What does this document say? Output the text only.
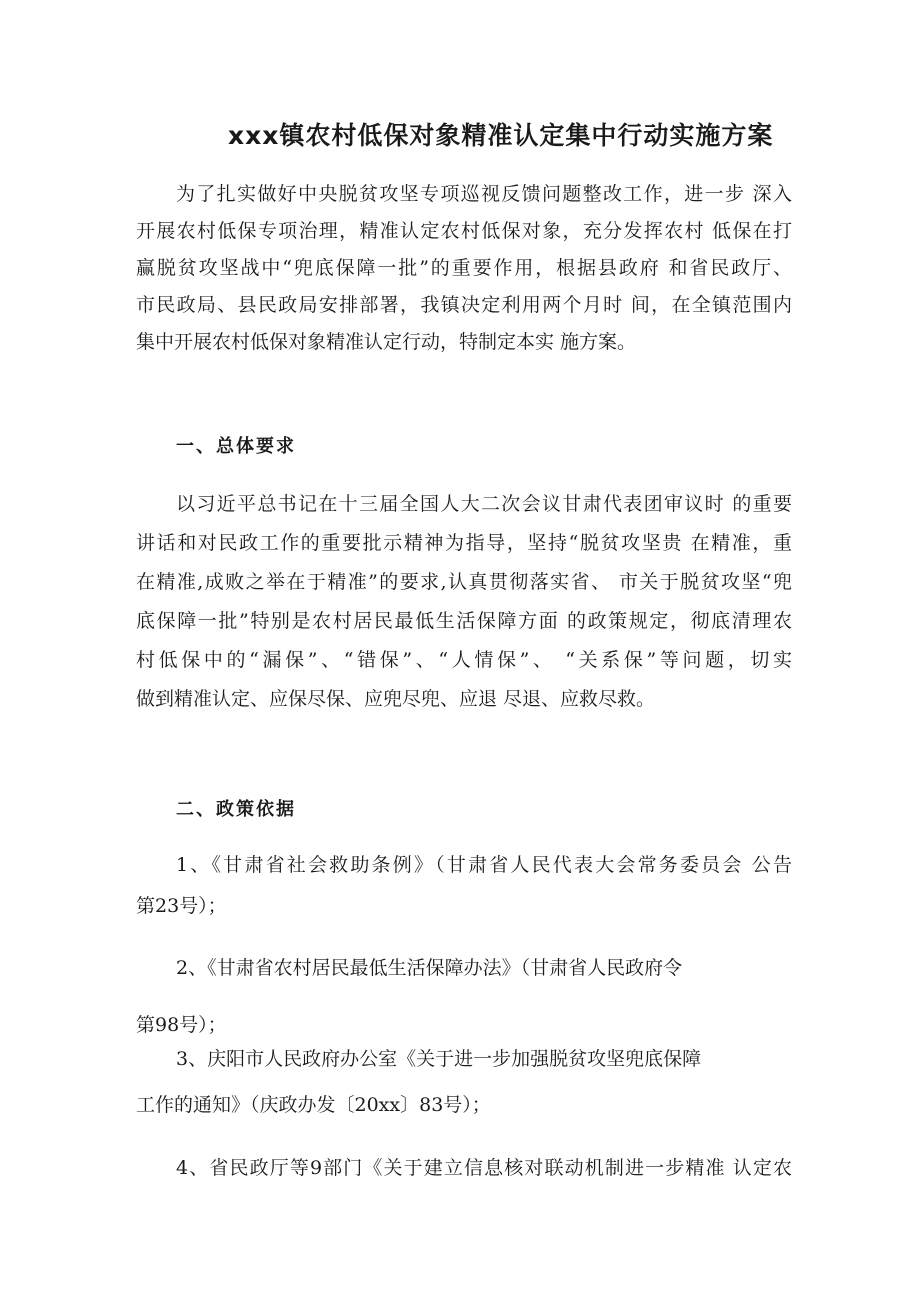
xxx镇农村低保对象精准认定集中行动实施方案
为了扎实做好中央脱贫攻坚专项巡视反馈问题整改工作，进一步 深入
开展农村低保专项治理，精准认定农村低保对象，充分发挥农村 低保在打
赢脱贫攻坚战中“兜底保障一批”的重要作用，根据县政府 和省民政厅、
市民政局、县民政局安排部署，我镇决定利用两个月时 间，在全镇范围内
集中开展农村低保对象精准认定行动，特制定本实 施方案。
一、总体要求
以习近平总书记在十三届全国人大二次会议甘肃代表团审议时 的重要
讲话和对民政工作的重要批示精神为指导，坚持“脱贫攻坚贵 在精准，重
在精准,成败之举在于精准”的要求,认真贯彻落实省、 市关于脱贫攻坚“兜
底保障一批”特别是农村居民最低生活保障方面 的政策规定，彻底清理农
村低保中的“漏保”、“错保”、“人情保”、 “关系保”等问题，切实
做到精准认定、应保尽保、应兜尽兜、应退 尽退、应救尽救。
二、政策依据
1、《甘肃省社会救助条例》（甘肃省人民代表大会常务委员会 公告
第23号）；
2、《甘肃省农村居民最低生活保障办法》（甘肃省人民政府令
第98号）；
3、庆阳市人民政府办公室《关于进一步加强脱贫攻坚兜底保障
工作的通知》（庆政办发〔20xx〕83号）；
4、省民政厅等9部门《关于建立信息核对联动机制进一步精准 认定农
